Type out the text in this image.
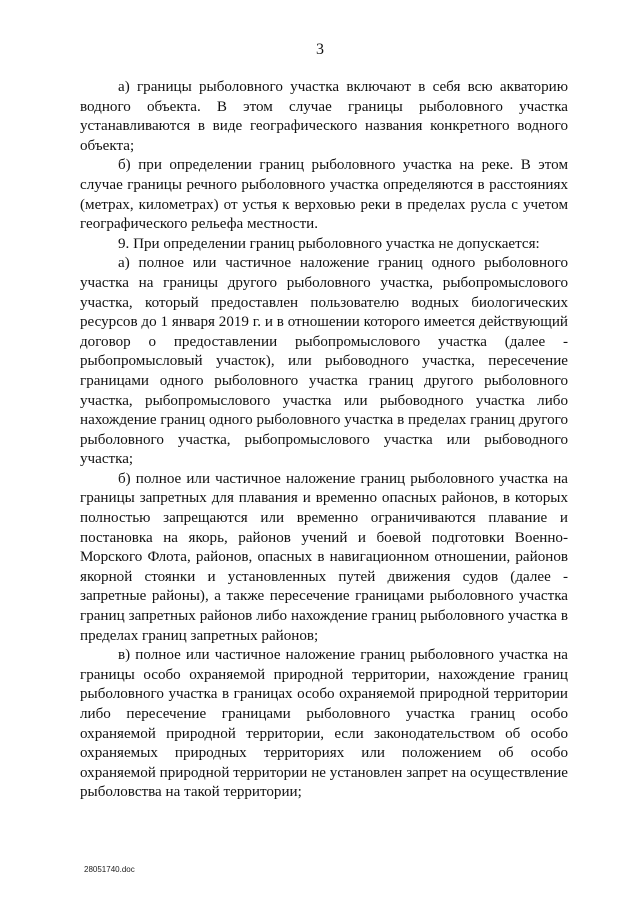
3

а) границы рыболовного участка включают в себя всю акваторию водного объекта. В этом случае границы рыболовного участка устанавливаются в виде географического названия конкретного водного объекта;

б) при определении границ рыболовного участка на реке. В этом случае границы речного рыболовного участка определяются в расстояниях (метрах, километрах) от устья к верховью реки в пределах русла с учетом географического рельефа местности.

9. При определении границ рыболовного участка не допускается:

а) полное или частичное наложение границ одного рыболовного участка на границы другого рыболовного участка, рыбопромыслового участка, который предоставлен пользователю водных биологических ресурсов до 1 января 2019 г. и в отношении которого имеется действующий договор о предоставлении рыбопромыслового участка (далее - рыбопромысловый участок), или рыбоводного участка, пересечение границами одного рыболовного участка границ другого рыболовного участка, рыбопромыслового участка или рыбоводного участка либо нахождение границ одного рыболовного участка в пределах границ другого рыболовного участка, рыбопромыслового участка или рыбоводного участка;

б) полное или частичное наложение границ рыболовного участка на границы запретных для плавания и временно опасных районов, в которых полностью запрещаются или временно ограничиваются плавание и постановка на якорь, районов учений и боевой подготовки Военно-Морского Флота, районов, опасных в навигационном отношении, районов якорной стоянки и установленных путей движения судов (далее - запретные районы), а также пересечение границами рыболовного участка границ запретных районов либо нахождение границ рыболовного участка в пределах границ запретных районов;

в) полное или частичное наложение границ рыболовного участка на границы особо охраняемой природной территории, нахождение границ рыболовного участка в границах особо охраняемой природной территории либо пересечение границами рыболовного участка границ особо охраняемой природной территории, если законодательством об особо охраняемых природных территориях или положением об особо охраняемой природной территории не установлен запрет на осуществление рыболовства на такой территории;

28051740.doc
